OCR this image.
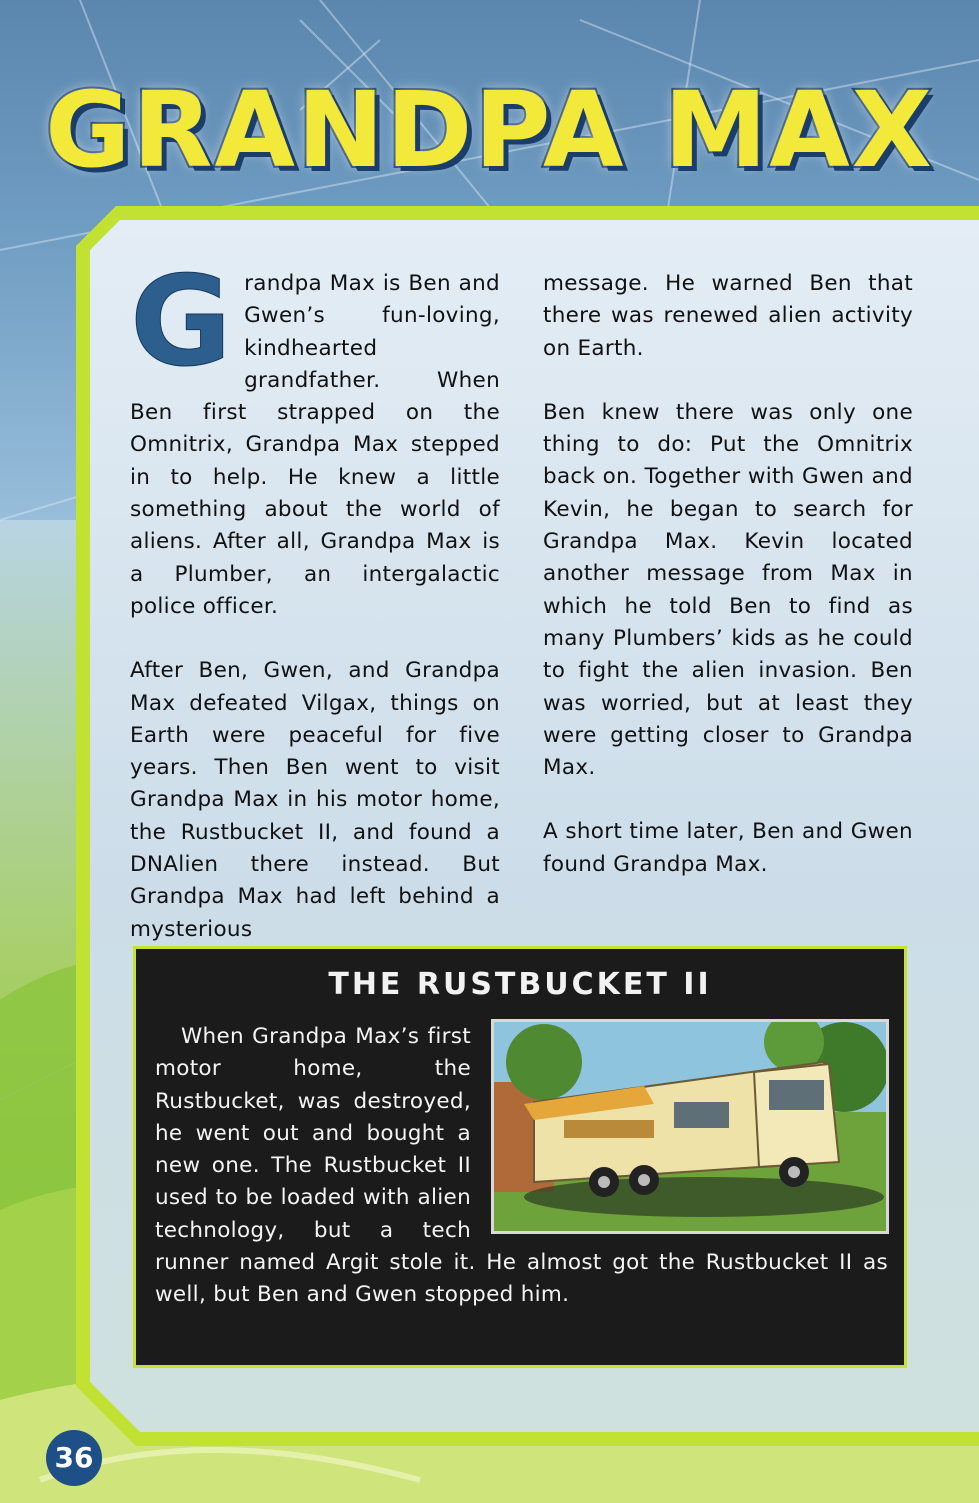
GRANDPA MAX

Grandpa Max is Ben and Gwen’s fun-loving, kindhearted grandfather. When Ben first strapped on the Omnitrix, Grandpa Max stepped in to help. He knew a little something about the world of aliens. After all, Grandpa Max is a Plumber, an intergalactic police officer.

After Ben, Gwen, and Grandpa Max defeated Vilgax, things on Earth were peaceful for five years. Then Ben went to visit Grandpa Max in his motor home, the Rustbucket II, and found a DNAlien there instead. But Grandpa Max had left behind a mysterious

message. He warned Ben that there was renewed alien activity on Earth.

Ben knew there was only one thing to do: Put the Omnitrix back on. Together with Gwen and Kevin, he began to search for Grandpa Max. Kevin located another message from Max in which he told Ben to find as many Plumbers’ kids as he could to fight the alien invasion. Ben was worried, but at least they were getting closer to Grandpa Max.

A short time later, Ben and Gwen found Grandpa Max.

THE RUSTBUCKET II
When Grandpa Max’s first motor home, the Rustbucket, was destroyed, he went out and bought a new one. The Rustbucket II used to be loaded with alien technology, but a tech runner named Argit stole it. He almost got the Rustbucket II as well, but Ben and Gwen stopped him.
36
